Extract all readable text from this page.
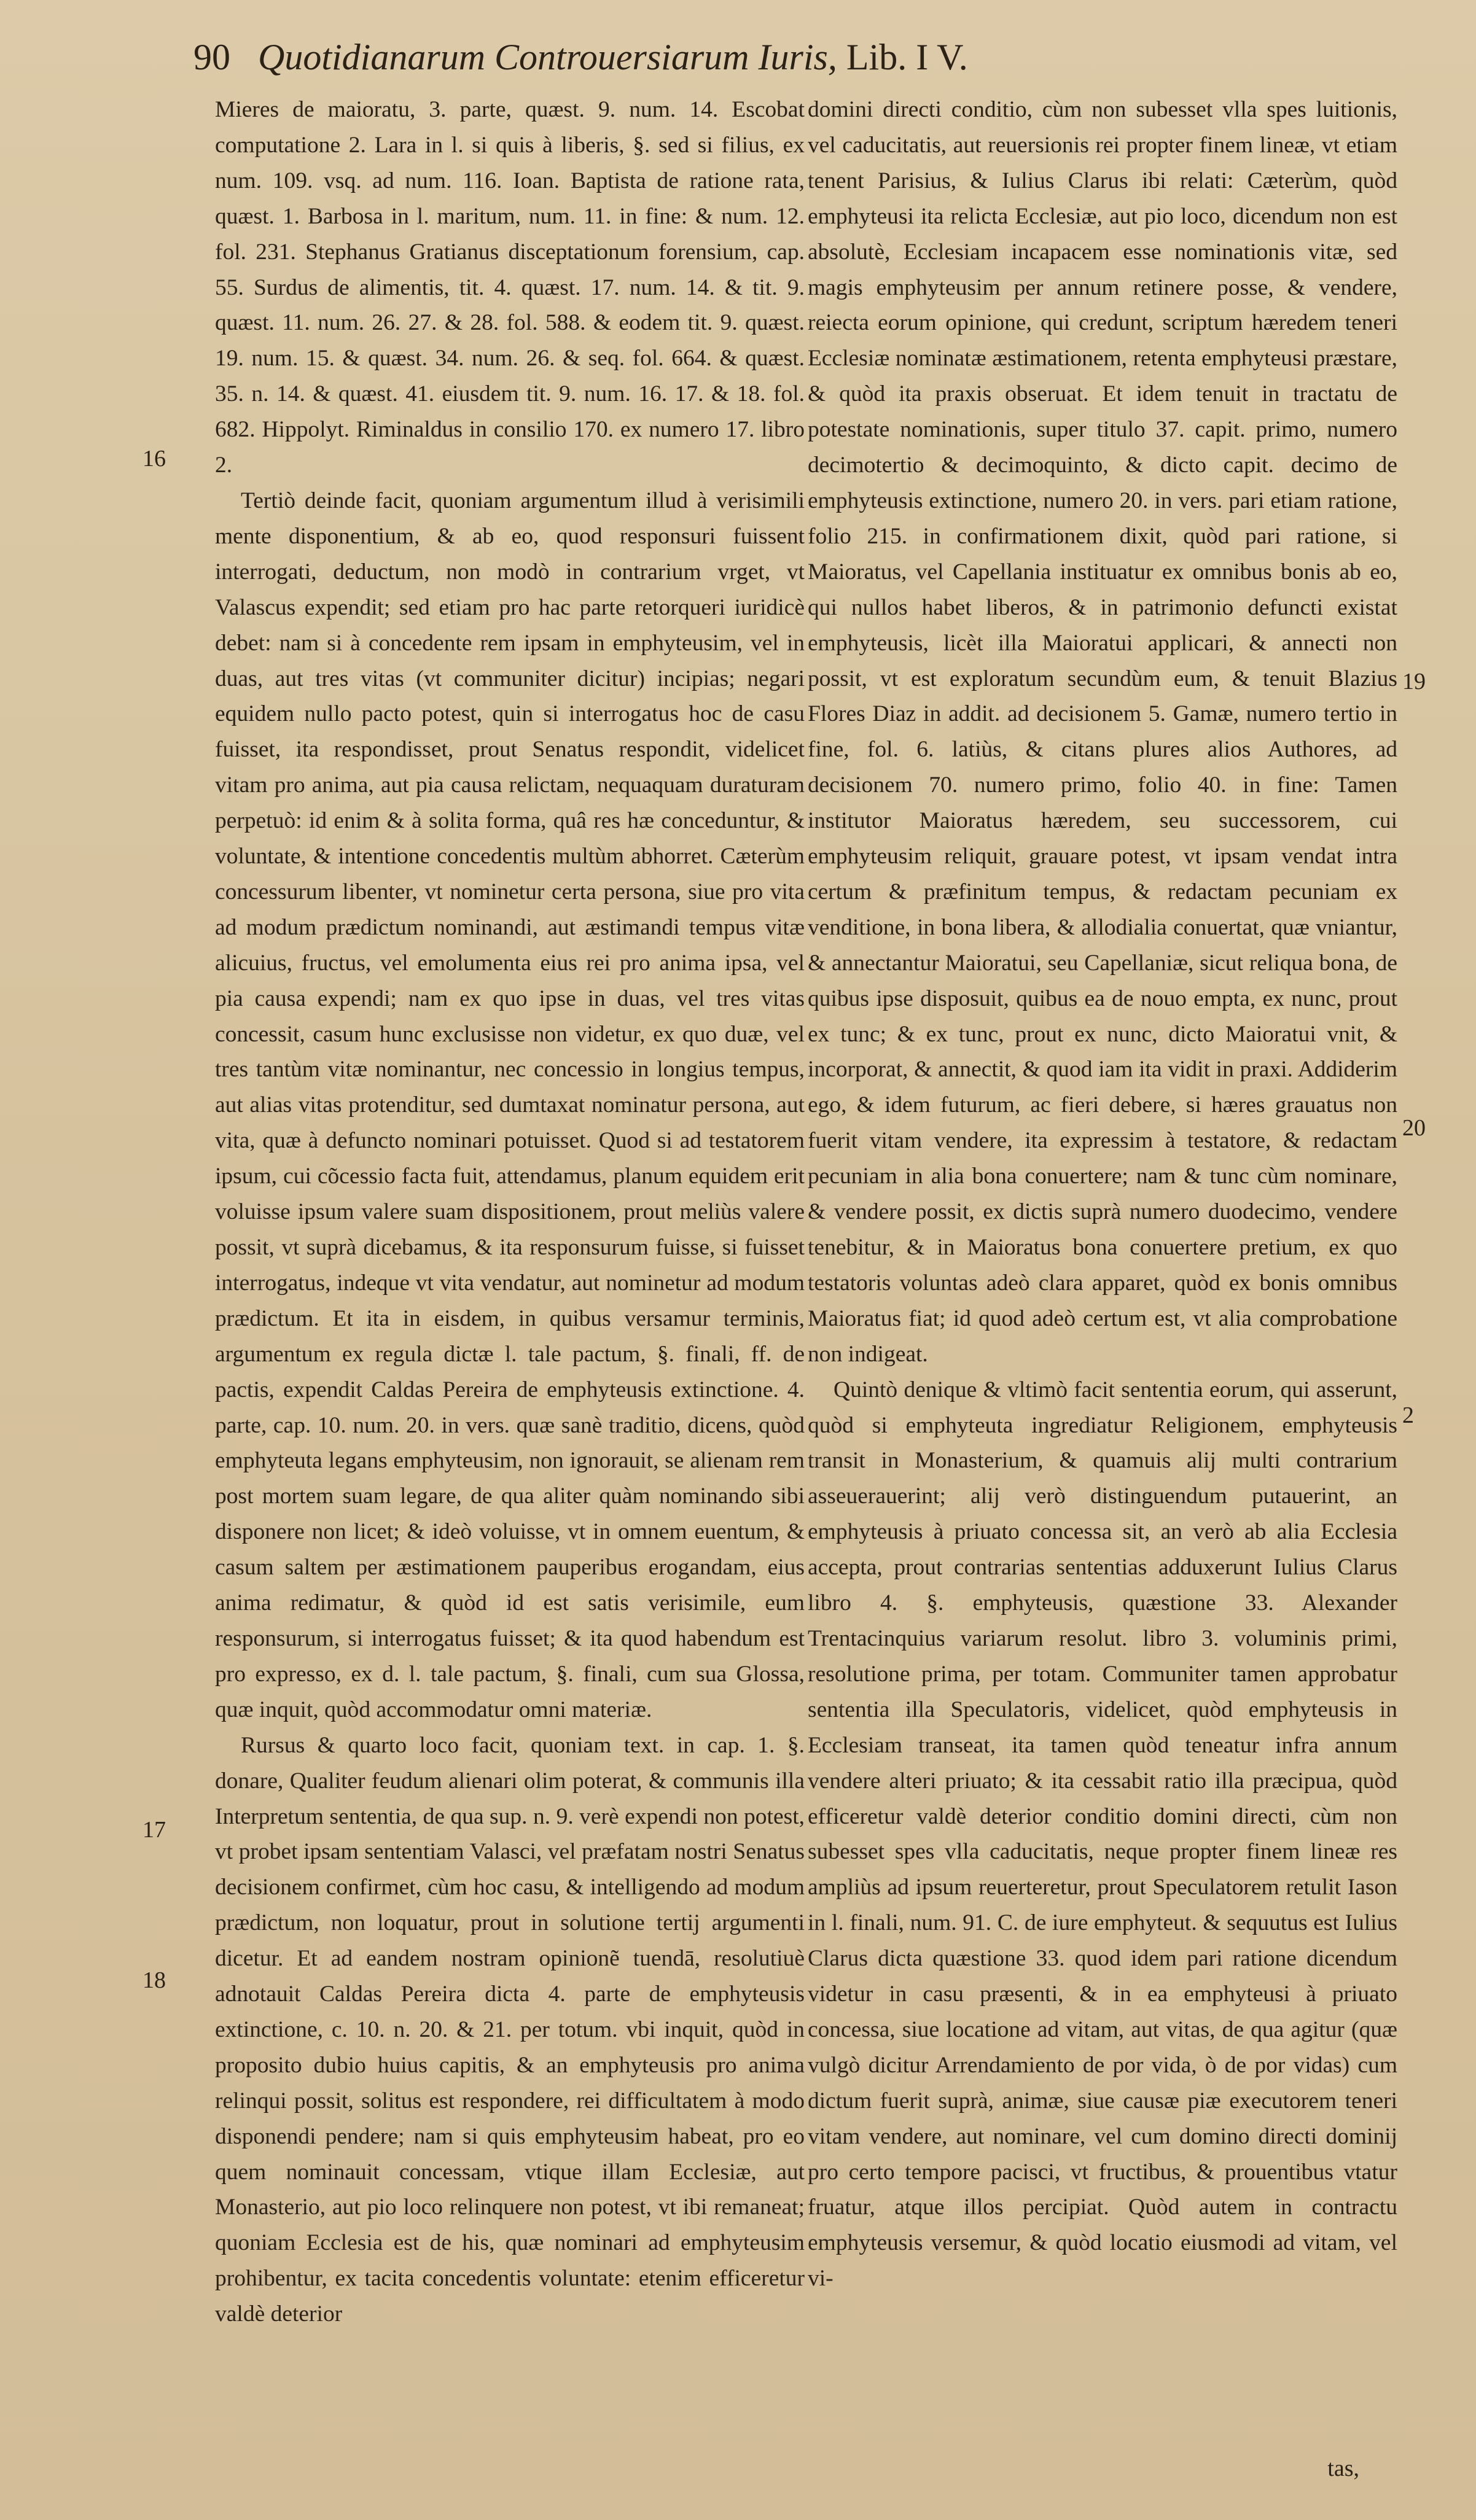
90 Quotidianarum Controuersiarum Iuris, Lib. I V.

Mieres de maioratu, 3. parte, quæst. 9. num. 14. Escobat computatione 2. Lara in l. si quis à liberis, §. sed si filius, ex num. 109. vsq. ad num. 116. Ioan. Baptista de ratione rata, quæst. 1. Barbosa in l. maritum, num. 11. in fine: & num. 12. fol. 231. Stephanus Gratianus disceptationum forensium, cap. 55. Surdus de alimentis, tit. 4. quæst. 17. num. 14. & tit. 9. quæst. 11. num. 26. 27. & 28. fol. 588. & eodem tit. 9. quæst. 19. num. 15. & quæst. 34. num. 26. & seq. fol. 664. & quæst. 35. n. 14. & quæst. 41. eiusdem tit. 9. num. 16. 17. & 18. fol. 682. Hippolyt. Riminaldus in consilio 170. ex numero 17. libro 2.

Tertiò deinde facit, quoniam argumentum illud à verisimili mente disponentium, & ab eo, quod responsuri fuissent interrogati, deductum, non modò in contrarium vrget, vt Valascus expendit; sed etiam pro hac parte retorqueri iuridicè debet: nam si à concedente rem ipsam in emphyteusim, vel in duas, aut tres vitas (vt communiter dicitur) incipias; negari equidem nullo pacto potest, quin si interrogatus hoc de casu fuisset, ita respondisset, prout Senatus respondit, videlicet vitam pro anima, aut pia causa relictam, nequaquam duraturam perpetuò: id enim & à solita forma, quâ res hæ conceduntur, & voluntate, & intentione concedentis multùm abhorret. Cæterùm concessurum libenter, vt nominetur certa persona, siue pro vita ad modum prædictum nominandi, aut æstimandi tempus vitæ alicuius, fructus, vel emolumenta eius rei pro anima ipsa, vel pia causa expendi; nam ex quo ipse in duas, vel tres vitas concessit, casum hunc exclusisse non videtur, ex quo duæ, vel tres tantùm vitæ nominantur, nec concessio in longius tempus, aut alias vitas protenditur, sed dumtaxat nominatur persona, aut vita, quæ à defuncto nominari potuisset. Quod si ad testatorem ipsum, cui cõcessio facta fuit, attendamus, planum equidem erit voluisse ipsum valere suam dispositionem, prout meliùs valere possit, vt suprà dicebamus, & ita responsurum fuisse, si fuisset interrogatus, indeque vt vita vendatur, aut nominetur ad modum prædictum. Et ita in eisdem, in quibus versamur terminis, argumentum ex regula dictæ l. tale pactum, §. finali, ff. de pactis, expendit Caldas Pereira de emphyteusis extinctione. 4. parte, cap. 10. num. 20. in vers. quæ sanè traditio, dicens, quòd emphyteuta legans emphyteusim, non ignorauit, se alienam rem post mortem suam legare, de qua aliter quàm nominando sibi disponere non licet; & ideò voluisse, vt in omnem euentum, & casum saltem per æstimationem pauperibus erogandam, eius anima redimatur, & quòd id est satis verisimile, eum responsurum, si interrogatus fuisset; & ita quod habendum est pro expresso, ex d. l. tale pactum, §. finali, cum sua Glossa, quæ inquit, quòd accommodatur omni materiæ.

Rursus & quarto loco facit, quoniam text. in cap. 1. §. donare, Qualiter feudum alienari olim poterat, & communis illa Interpretum sententia, de qua sup. n. 9. verè expendi non potest, vt probet ipsam sententiam Valasci, vel præfatam nostri Senatus decisionem confirmet, cùm hoc casu, & intelligendo ad modum prædictum, non loquatur, prout in solutione tertij argumenti dicetur. Et ad eandem nostram opinionẽ tuendā, resolutiuè adnotauit Caldas Pereira dicta 4. parte de emphyteusis extinctione, c. 10. n. 20. & 21. per totum. vbi inquit, quòd in proposito dubio huius capitis, & an emphyteusis pro anima relinqui possit, solitus est respondere, rei difficultatem à modo disponendi pendere; nam si quis emphyteusim habeat, pro eo quem nominauit concessam, vtique illam Ecclesiæ, aut Monasterio, aut pio loco relinquere non potest, vt ibi remaneat; quoniam Ecclesia est de his, quæ nominari ad emphyteusim prohibentur, ex tacita concedentis voluntate: etenim efficeretur valdè deterior

domini directi conditio, cùm non subesset vlla spes luitionis, vel caducitatis, aut reuersionis rei propter finem lineæ, vt etiam tenent Parisius, & Iulius Clarus ibi relati: Cæterùm, quòd emphyteusi ita relicta Ecclesiæ, aut pio loco, dicendum non est absolutè, Ecclesiam incapacem esse nominationis vitæ, sed magis emphyteusim per annum retinere posse, & vendere, reiecta eorum opinione, qui credunt, scriptum hæredem teneri Ecclesiæ nominatæ æstimationem, retenta emphyteusi præstare, & quòd ita praxis obseruat. Et idem tenuit in tractatu de potestate nominationis, super titulo 37. capit. primo, numero decimotertio & decimoquinto, & dicto capit. decimo de emphyteusis extinctione, numero 20. in vers. pari etiam ratione, folio 215. in confirmationem dixit, quòd pari ratione, si Maioratus, vel Capellania instituatur ex omnibus bonis ab eo, qui nullos habet liberos, & in patrimonio defuncti existat emphyteusis, licèt illa Maioratui applicari, & annecti non possit, vt est exploratum secundùm eum, & tenuit Blazius Flores Diaz in addit. ad decisionem 5. Gamæ, numero tertio in fine, fol. 6. latiùs, & citans plures alios Authores, ad decisionem 70. numero primo, folio 40. in fine: Tamen institutor Maioratus hæredem, seu successorem, cui emphyteusim reliquit, grauare potest, vt ipsam vendat intra certum & præfinitum tempus, & redactam pecuniam ex venditione, in bona libera, & allodialia conuertat, quæ vniantur, & annectantur Maioratui, seu Capellaniæ, sicut reliqua bona, de quibus ipse disposuit, quibus ea de nouo empta, ex nunc, prout ex tunc; & ex tunc, prout ex nunc, dicto Maioratui vnit, & incorporat, & annectit, & quod iam ita vidit in praxi. Addiderim ego, & idem futurum, ac fieri debere, si hæres grauatus non fuerit vitam vendere, ita expressim à testatore, & redactam pecuniam in alia bona conuertere; nam & tunc cùm nominare, & vendere possit, ex dictis suprà numero duodecimo, vendere tenebitur, & in Maioratus bona conuertere pretium, ex quo testatoris voluntas adeò clara apparet, quòd ex bonis omnibus Maioratus fiat; id quod adeò certum est, vt alia comprobatione non indigeat.

Quintò denique & vltimò facit sententia eorum, qui asserunt, quòd si emphyteuta ingrediatur Religionem, emphyteusis transit in Monasterium, & quamuis alij multi contrarium asseuerauerint; alij verò distinguendum putauerint, an emphyteusis à priuato concessa sit, an verò ab alia Ecclesia accepta, prout contrarias sententias adduxerunt Iulius Clarus libro 4. §. emphyteusis, quæstione 33. Alexander Trentacinquius variarum resolut. libro 3. voluminis primi, resolutione prima, per totam. Communiter tamen approbatur sententia illa Speculatoris, videlicet, quòd emphyteusis in Ecclesiam transeat, ita tamen quòd teneatur infra annum vendere alteri priuato; & ita cessabit ratio illa præcipua, quòd efficeretur valdè deterior conditio domini directi, cùm non subesset spes vlla caducitatis, neque propter finem lineæ res ampliùs ad ipsum reuerteretur, prout Speculatorem retulit Iason in l. finali, num. 91. C. de iure emphyteut. & sequutus est Iulius Clarus dicta quæstione 33. quod idem pari ratione dicendum videtur in casu præsenti, & in ea emphyteusi à priuato concessa, siue locatione ad vitam, aut vitas, de qua agitur (quæ vulgò dicitur Arrendamiento de por vida, ò de por vidas) cum dictum fuerit suprà, animæ, siue causæ piæ executorem teneri vitam vendere, aut nominare, vel cum domino directi dominij pro certo tempore pacisci, vt fructibus, & prouentibus vtatur fruatur, atque illos percipiat. Quòd autem in contractu emphyteusis versemur, & quòd locatio eiusmodi ad vitam, vel vi-

16
17
18
19
20
2
tas,
